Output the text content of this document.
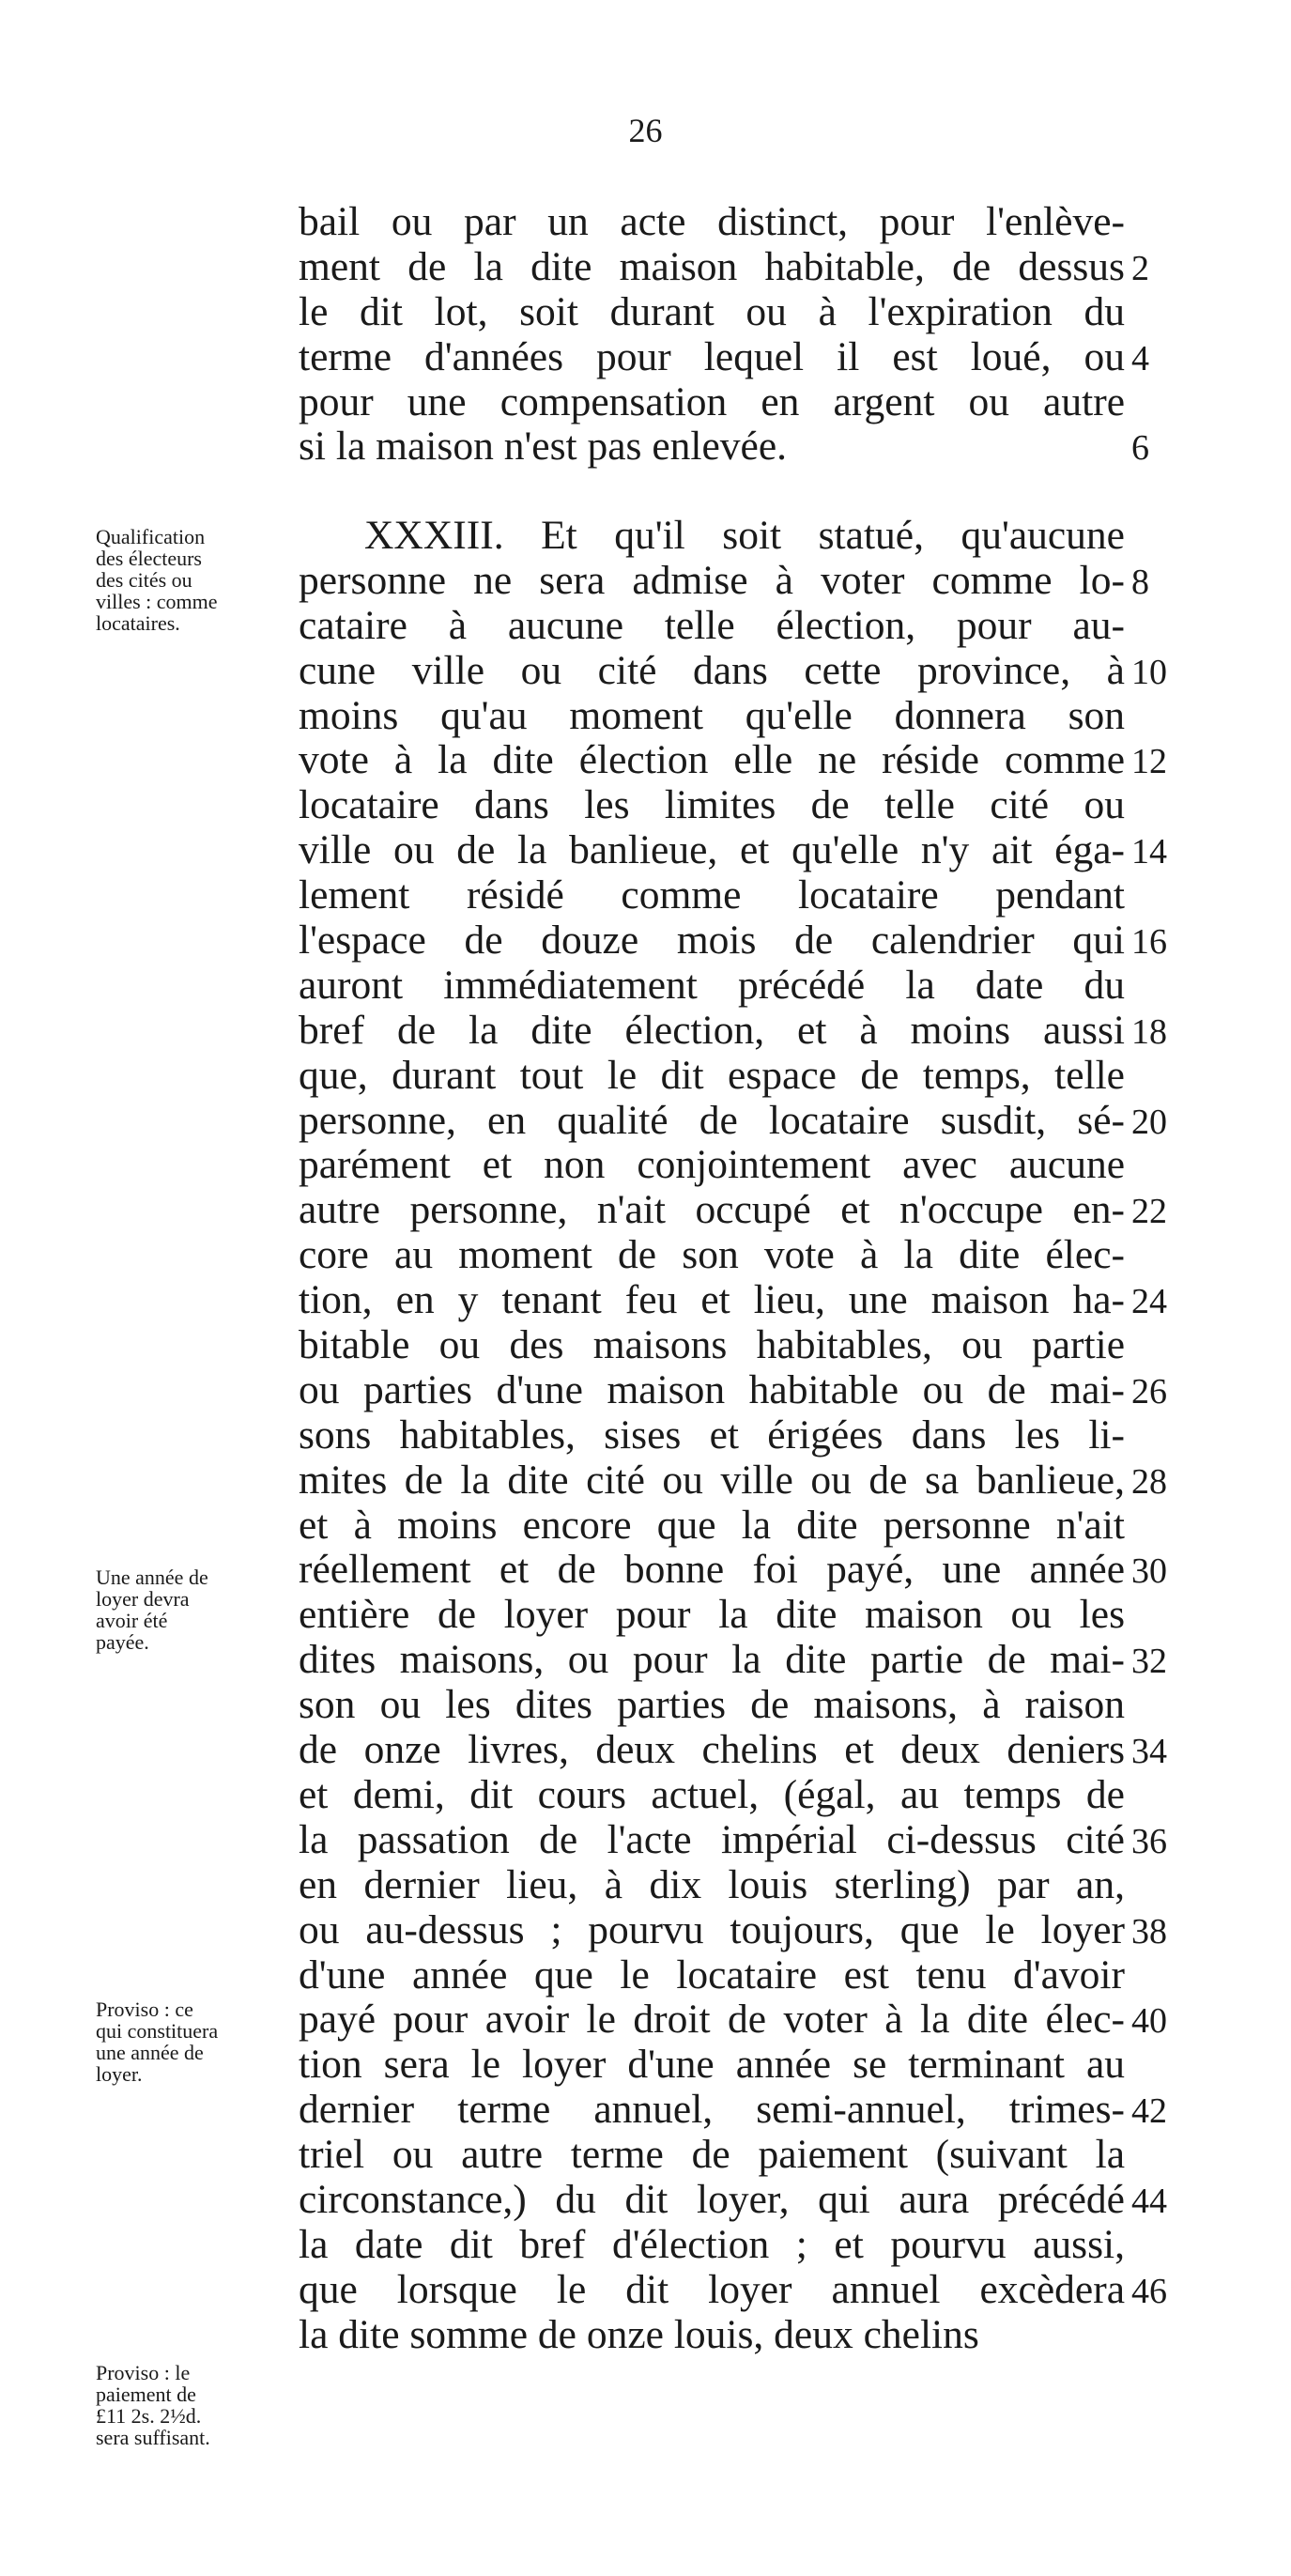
26
bail ou par un acte distinct, pour l'enlève-
ment de la dite maison habitable, de dessus
le dit lot, soit durant ou à l'expiration du
terme d'années pour lequel il est loué, ou
pour une compensation en argent ou autre
si la maison n'est pas enlevée.
2
4
6
XXXIII. Et qu'il soit statué, qu'aucune
personne ne sera admise à voter comme lo-
cataire à aucune telle élection, pour au-
cune ville ou cité dans cette province, à
moins qu'au moment qu'elle donnera son
vote à la dite élection elle ne réside comme
locataire dans les limites de telle cité ou
ville ou de la banlieue, et qu'elle n'y ait éga-
lement résidé comme locataire pendant
l'espace de douze mois de calendrier qui
auront immédiatement précédé la date du
bref de la dite élection, et à moins aussi
que, durant tout le dit espace de temps, telle
personne, en qualité de locataire susdit, sé-
parément et non conjointement avec aucune
autre personne, n'ait occupé et n'occupe en-
core au moment de son vote à la dite élec-
tion, en y tenant feu et lieu, une maison ha-
bitable ou des maisons habitables, ou partie
ou parties d'une maison habitable ou de mai-
sons habitables, sises et érigées dans les li-
mites de la dite cité ou ville ou de sa banlieue,
et à moins encore que la dite personne n'ait
réellement et de bonne foi payé, une année
entière de loyer pour la dite maison ou les
dites maisons, ou pour la dite partie de mai-
son ou les dites parties de maisons, à raison
de onze livres, deux chelins et deux deniers
et demi, dit cours actuel, (égal, au temps de
la passation de l'acte impérial ci-dessus cité
en dernier lieu, à dix louis sterling) par an,
ou au-dessus ; pourvu toujours, que le loyer
d'une année que le locataire est tenu d'avoir
payé pour avoir le droit de voter à la dite élec-
tion sera le loyer d'une année se terminant au
dernier terme annuel, semi-annuel, trimes-
triel ou autre terme de paiement (suivant la
circonstance,) du dit loyer, qui aura précédé
la date dit bref d'élection ; et pourvu aussi,
que lorsque le dit loyer annuel excèdera
la dite somme de onze louis, deux chelins
8
10
12
14
16
18
20
22
24
26
28
30
32
34
36
38
40
42
44
46
Qualification
des électeurs
des cités ou
villes : comme
locataires.
Une année de
loyer devra
avoir été
payée.
Proviso : ce
qui constituera
une année de
loyer.
Proviso : le
paiement de
£11 2s. 2½d.
sera suffisant.
